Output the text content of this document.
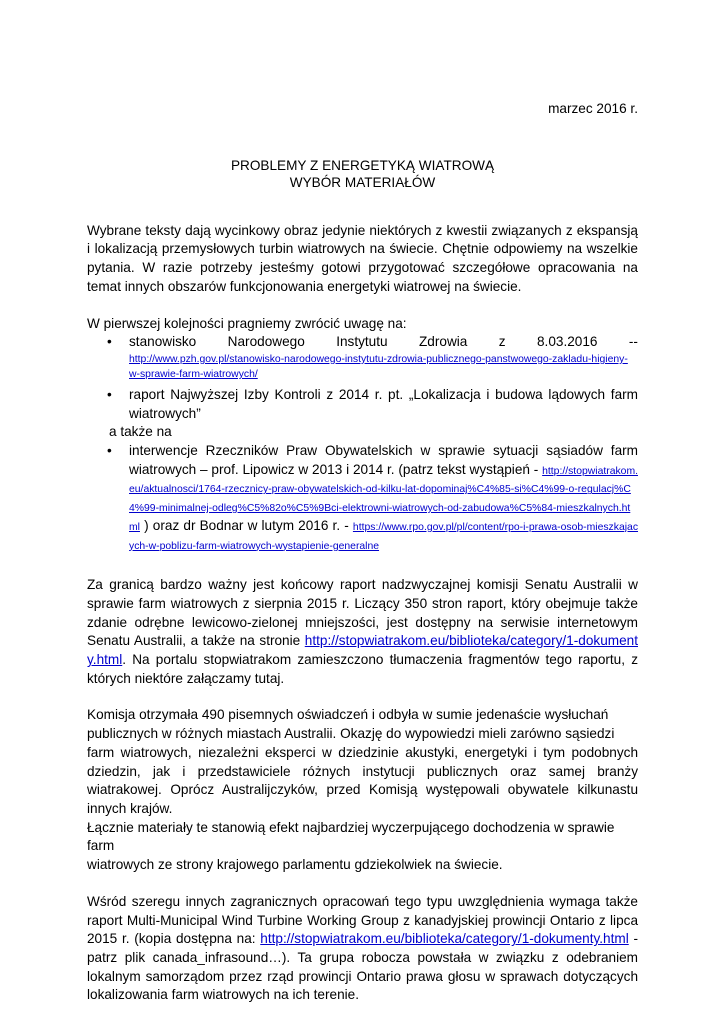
marzec 2016 r.

PROBLEMY Z ENERGETYKĄ WIATROWĄ

WYBÓR MATERIAŁÓW

Wybrane teksty dają wycinkowy obraz jedynie niektórych z kwestii związanych z ekspansją i lokalizacją przemysłowych turbin wiatrowych na świecie. Chętnie odpowiemy na wszelkie pytania. W razie potrzeby jesteśmy gotowi przygotować szczegółowe opracowania na temat innych obszarów funkcjonowania energetyki wiatrowej na świecie.

W pierwszej kolejności pragniemy zwrócić uwagę na:

• stanowisko Narodowego Instytutu Zdrowia z 8.03.2016 --
http://www.pzh.gov.pl/stanowisko-narodowego-instytutu-zdrowia-publicznego-panstwowego-zakladu-higieny-w-sprawie-farm-wiatrowych/
• raport Najwyższej Izby Kontroli z 2014 r. pt. „Lokalizacja i budowa lądowych farm wiatrowych”

a także na

• interwencje Rzeczników Praw Obywatelskich w sprawie sytuacji sąsiadów farm wiatrowych – prof. Lipowicz w 2013 i 2014 r. (patrz tekst wystąpień - http://stopwiatrakom.eu/aktualnosci/1764-rzecznicy-praw-obywatelskich-od-kilku-lat-dopominaj%C4%85-si%C4%99-o-regulacj%C4%99-minimalnej-odleg%C5%82o%C5%9Bci-elektrowni-wiatrowych-od-zabudowa%C5%84-mieszkalnych.html ) oraz dr Bodnar w lutym 2016 r. - https://www.rpo.gov.pl/pl/content/rpo-i-prawa-osob-mieszkajacych-w-poblizu-farm-wiatrowych-wystapienie-generalne

Za granicą bardzo ważny jest końcowy raport nadzwyczajnej komisji Senatu Australii w sprawie farm wiatrowych z sierpnia 2015 r. Liczący 350 stron raport, który obejmuje także zdanie odrębne lewicowo-zielonej mniejszości, jest dostępny na serwisie internetowym Senatu Australii, a także na stronie http://stopwiatrakom.eu/biblioteka/category/1-dokumenty.html. Na portalu stopwiatrakom zamieszczono tłumaczenia fragmentów tego raportu, z których niektóre załączamy tutaj.

Komisja otrzymała 490 pisemnych oświadczeń i odbyła w sumie jedenaście wysłuchań
publicznych w różnych miastach Australii. Okazję do wypowiedzi mieli zarówno sąsiedzi

farm wiatrowych, niezależni eksperci w dziedzinie akustyki, energetyki i tym podobnych dziedzin, jak i przedstawiciele różnych instytucji publicznych oraz samej branży wiatrakowej. Oprócz Australijczyków, przed Komisją występowali obywatele kilkunastu innych krajów.

Łącznie materiały te stanowią efekt najbardziej wyczerpującego dochodzenia w sprawie farm
wiatrowych ze strony krajowego parlamentu gdziekolwiek na świecie.

Wśród szeregu innych zagranicznych opracowań tego typu uwzględnienia wymaga także raport Multi-Municipal Wind Turbine Working Group z kanadyjskiej prowincji Ontario z lipca 2015 r. (kopia dostępna na: http://stopwiatrakom.eu/biblioteka/category/1-dokumenty.html - patrz plik canada_infrasound…). Ta grupa robocza powstała w związku z odebraniem lokalnym samorządom przez rząd prowincji Ontario prawa głosu w sprawach dotyczących lokalizowania farm wiatrowych na ich terenie.
